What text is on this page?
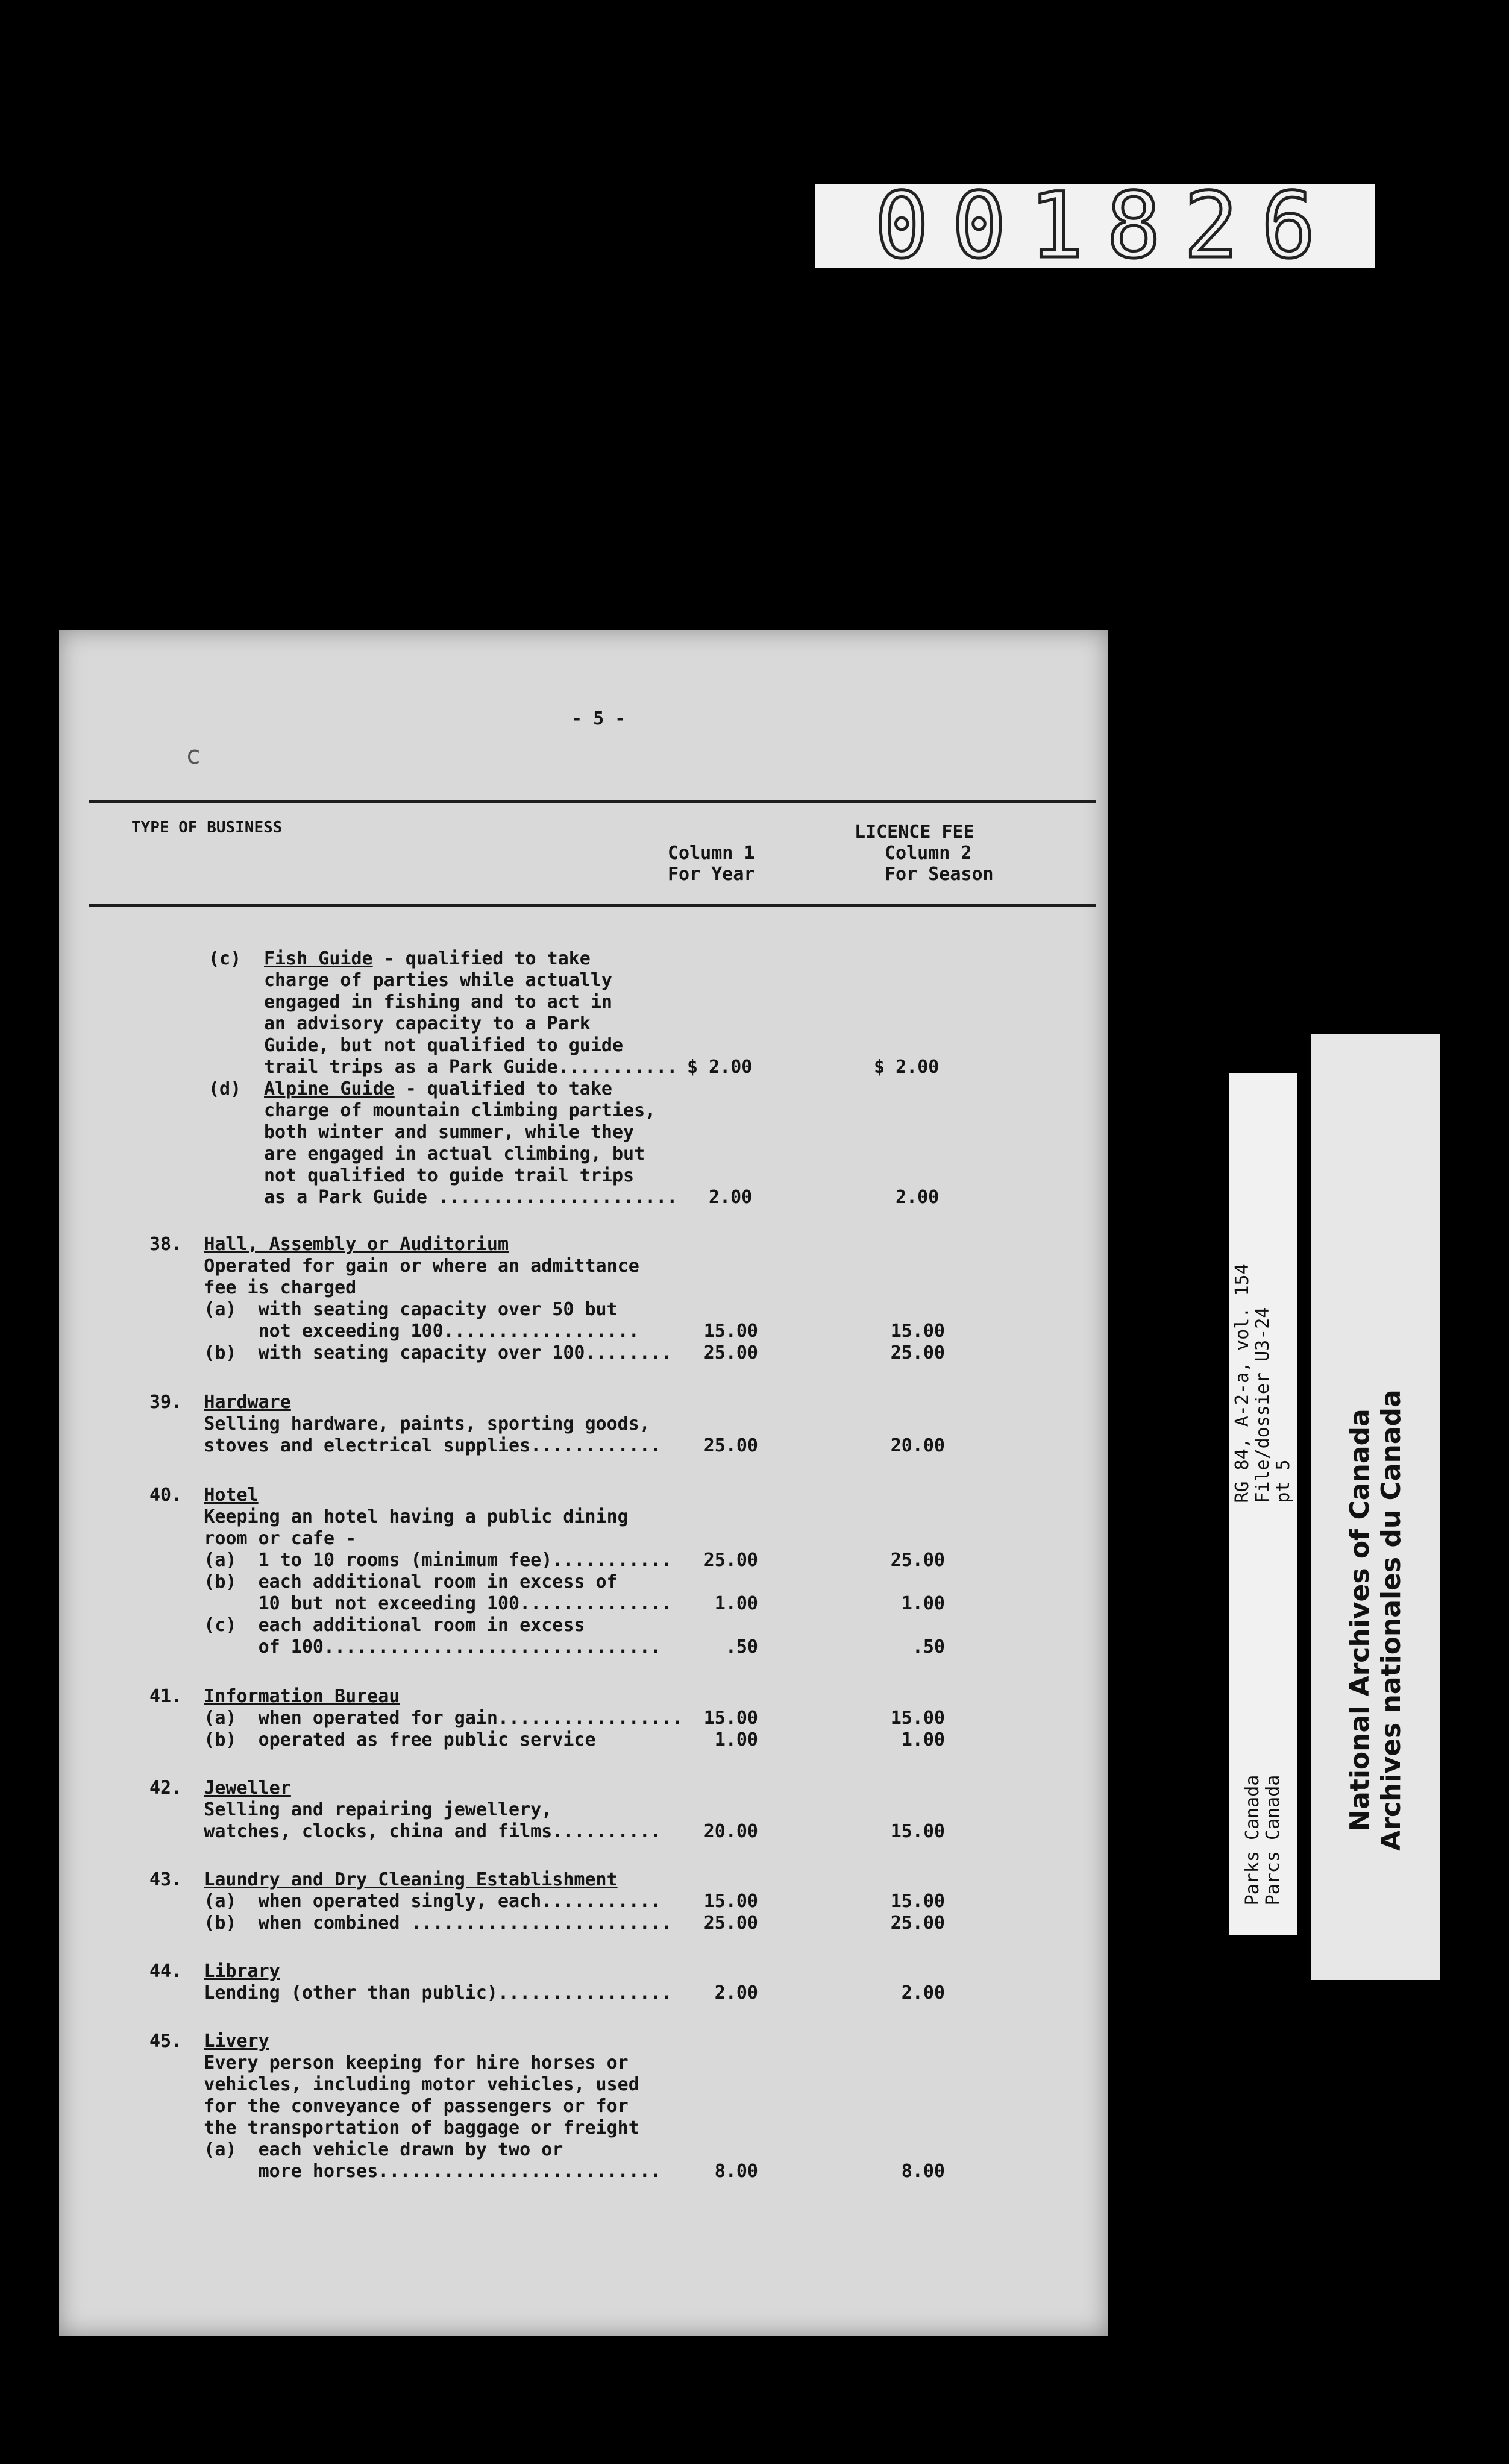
001826
RG 84, A-2-a, vol. 154 File/dossier U3-24 pt 5
Parks Canada Parcs Canada
National Archives of Canada Archives nationales du Canada
- 5 -
c
TYPE OF BUSINESS	LICENCE FEE
Column 1
For Year
Column 2
For Season
(c) Fish Guide - qualified to take
charge of parties while actually
engaged in fishing and to act in
an advisory capacity to a Park
Guide, but not qualified to guide
trail trips as a Park Guide........... $ 2.00	$ 2.00
(d) Alpine Guide - qualified to take
charge of mountain climbing parties,
both winter and summer, while they
are engaged in actual climbing, but
not qualified to guide trail trips
as a Park Guide ...................... 2.00	2.00
38.  Hall, Assembly or Auditorium
Operated for gain or where an admittance
fee is charged
(a)  with seating capacity over 50 but
not exceeding 100..................	15.00	15.00
(b)  with seating capacity over 100........	25.00	25.00
39.  Hardware
Selling hardware, paints, sporting goods,
stoves and electrical supplies............	25.00	20.00
40.  Hotel
Keeping an hotel having a public dining
room or cafe -
(a)  1 to 10 rooms (minimum fee)...........	25.00	25.00
(b)  each additional room in excess of
10 but not exceeding 100..............	1.00	1.00
(c)  each additional room in excess
of 100...............................	.50	.50
41.  Information Bureau
(a)  when operated for gain.................	15.00	15.00
(b)  operated as free public service	1.00	1.00
42.  Jeweller
Selling and repairing jewellery,
watches, clocks, china and films..........	20.00	15.00
43.  Laundry and Dry Cleaning Establishment
(a)  when operated singly, each...........	15.00	15.00
(b)  when combined ........................	25.00	25.00
44.  Library
Lending (other than public)................	2.00	2.00
45.  Livery
Every person keeping for hire horses or
vehicles, including motor vehicles, used
for the conveyance of passengers or for
the transportation of baggage or freight
(a)  each vehicle drawn by two or
more horses..........................	8.00	8.00
